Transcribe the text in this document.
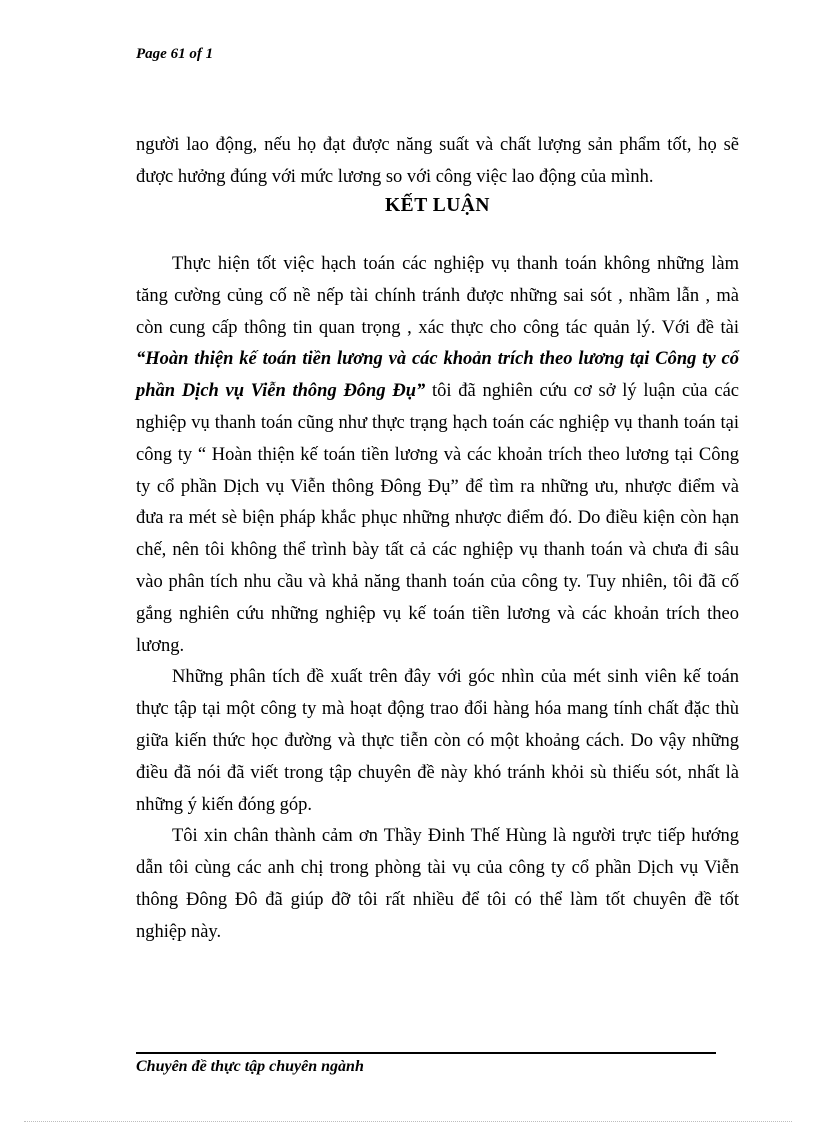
Page 61 of 1

người lao động, nếu họ đạt được năng suất và chất lượng sản phẩm tốt, họ sẽ được hưởng đúng với mức lương so với công việc lao động của mình.

KẾT LUẬN

Thực hiện tốt việc hạch toán các nghiệp vụ thanh toán không những làm tăng cường củng cố nề nếp tài chính tránh được những sai sót , nhầm lẫn , mà còn cung cấp thông tin quan trọng , xác thực cho công tác quản lý. Với đề tài “Hoàn thiện kế toán tiền lương và các khoản trích theo lương tại Công ty cổ phần Dịch vụ Viễn thông Đông Đụ” tôi đã nghiên cứu cơ sở lý luận của các nghiệp vụ thanh toán cũng như thực trạng hạch toán các nghiệp vụ thanh toán tại công ty “ Hoàn thiện kế toán tiền lương và các khoản trích theo lương tại Công ty cổ phần Dịch vụ Viễn thông Đông Đụ” để tìm ra những ưu, nhược điểm và đưa ra mét sè biện pháp khắc phục những nhược điểm đó. Do điều kiện còn hạn chế, nên tôi không thể trình bày tất cả các nghiệp vụ thanh toán và chưa đi sâu vào phân tích nhu cầu và khả năng thanh toán của công ty. Tuy nhiên, tôi đã cố gắng nghiên cứu những nghiệp vụ kế toán tiền lương và các khoản trích theo lương.

Những phân tích đề xuất trên đây với góc nhìn của mét sinh viên kế toán thực tập tại một công ty mà hoạt động trao đổi hàng hóa mang tính chất đặc thù giữa kiến thức học đường và thực tiễn còn có một khoảng cách. Do vậy những điều đã nói đã viết trong tập chuyên đề này khó tránh khỏi sù thiếu sót, nhất là những ý kiến đóng góp.

Tôi xin chân thành cảm ơn Thầy Đinh Thế Hùng là người trực tiếp hướng dẫn tôi cùng các anh chị trong phòng tài vụ của công ty cổ phần Dịch vụ Viễn thông Đông Đô đã giúp đỡ tôi rất nhiều để tôi có thể làm tốt chuyên đề tốt nghiệp này.

Chuyên đề thực tập chuyên ngành
